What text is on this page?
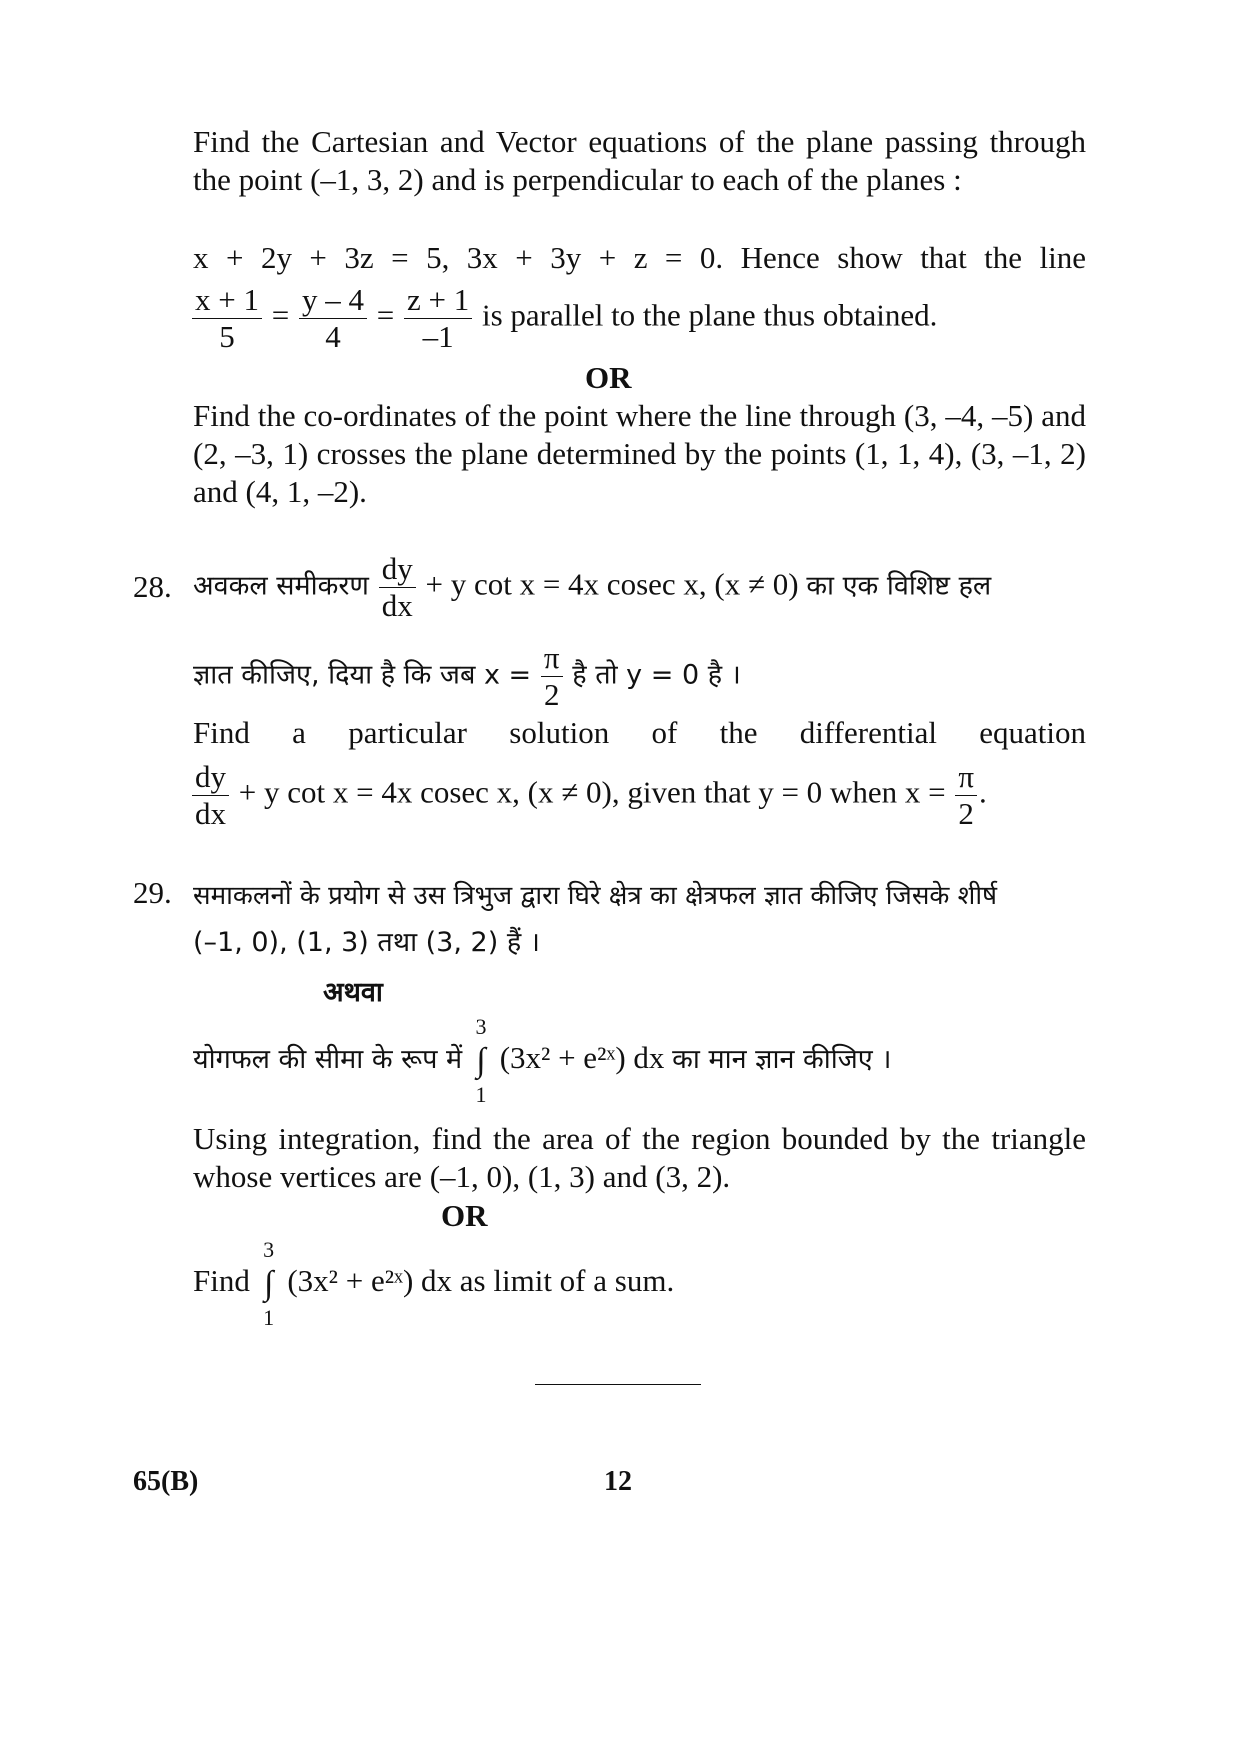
Find the Cartesian and Vector equations of the plane passing through the point (–1, 3, 2) and is perpendicular to each of the planes :
x + 2y + 3z = 5, 3x + 3y + z = 0. Hence show that the line
$\frac{x + 1}{5} = \frac{y - 4}{4} = \frac{z + 1}{-1}$ is parallel to the plane thus obtained.
OR
Find the co-ordinates of the point where the line through (3, –4, –5) and (2, –3, 1) crosses the plane determined by the points (1, 1, 4), (3, –1, 2) and (4, 1, –2).
28. अवकल समीकरण $\frac{dy}{dx} + y$ cot x = 4x cosec x, (x ≠ 0) का एक विशिष्ट हल
ज्ञात कीजिए, दिया है कि जब $x = \frac{\pi}{2}$ है तो y = 0 है ।
Find a particular solution of the differential equation
$\frac{dy}{dx} + y$ cot x = 4x cosec x, (x ≠ 0), given that y = 0 when $x = \frac{\pi}{2}$ .
29. समाकलनों के प्रयोग से उस त्रिभुज द्वारा घिरे क्षेत्र का क्षेत्रफल ज्ञात कीजिए जिसके शीर्ष
(–1, 0), (1, 3) तथा (3, 2) हैं ।
अथवा
योगफल की सीमा के रूप में
3
∫
1
(3x² + e²ˣ) dx का मान ज्ञान कीजिए ।
Using integration, find the area of the region bounded by the triangle whose vertices are (–1, 0), (1, 3) and (3, 2).
OR
Find
3
∫
1
(3x² + e²ˣ) dx as limit of a sum.
65(B)	12
